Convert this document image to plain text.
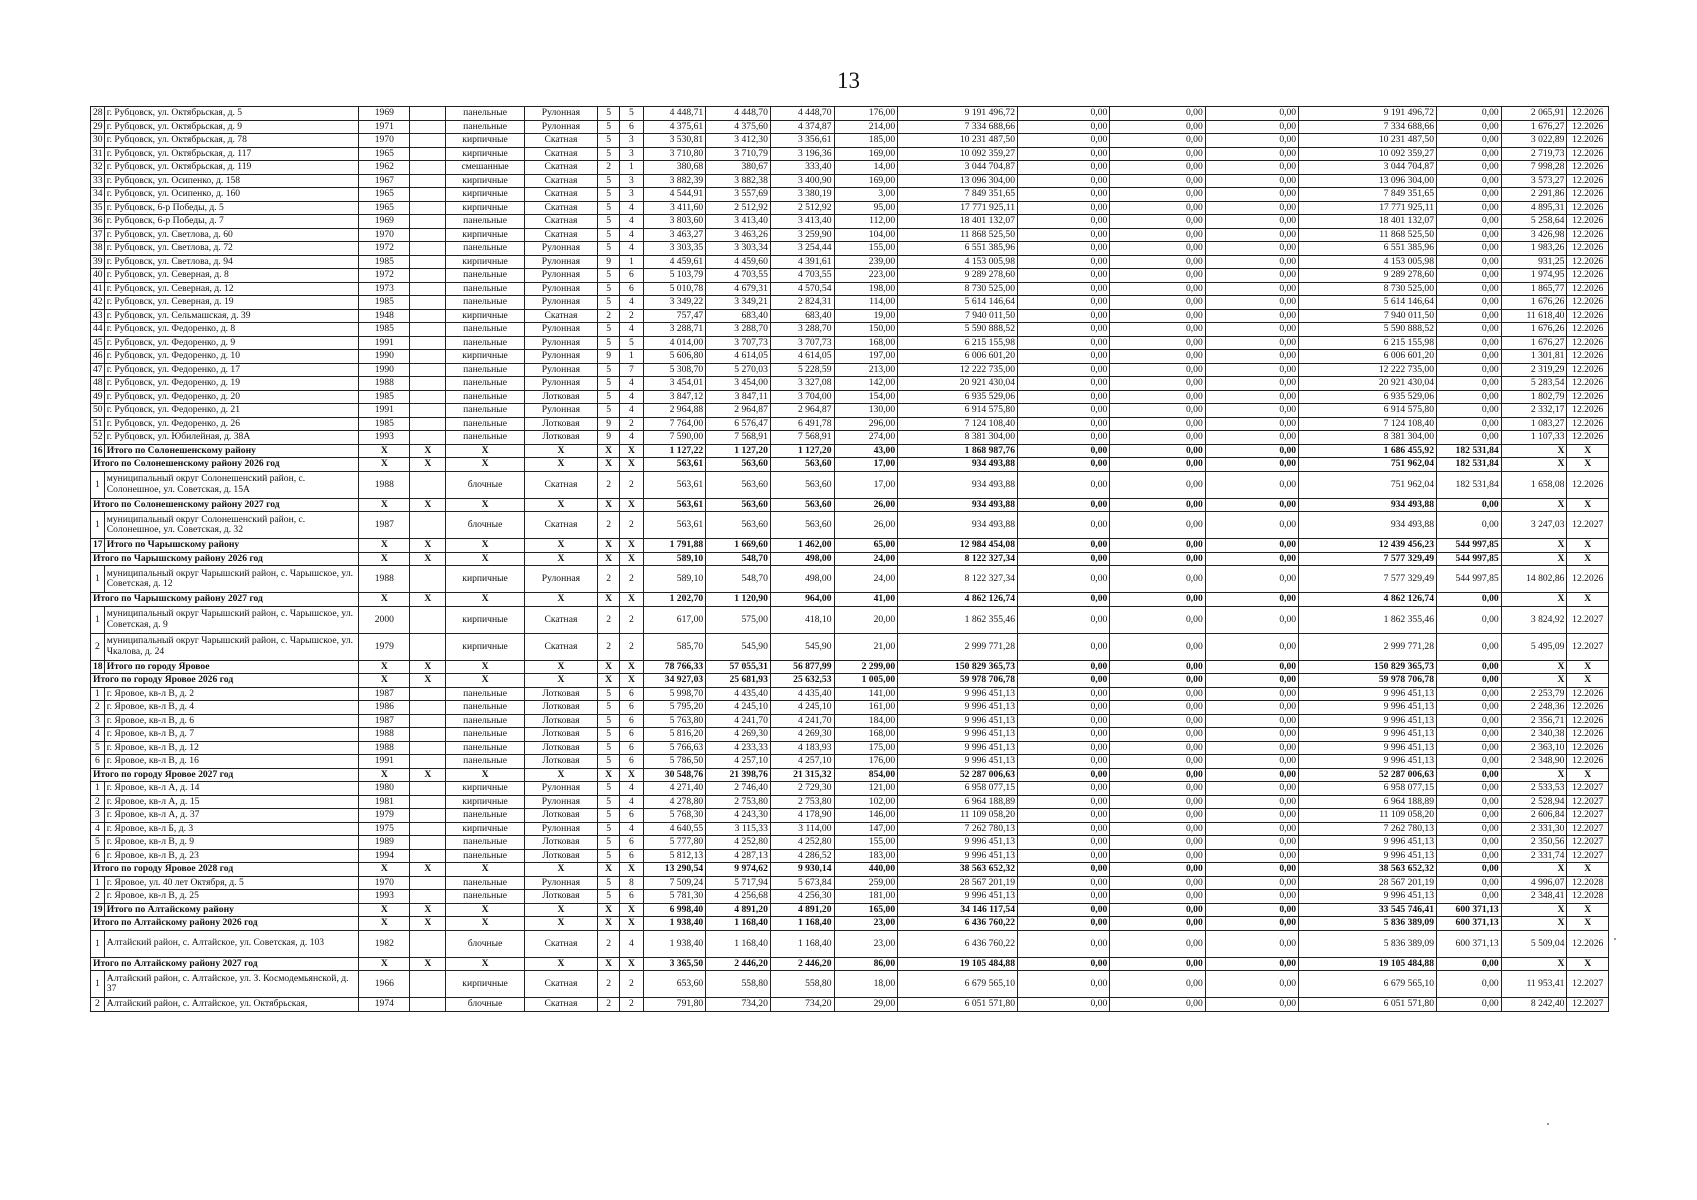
13
28	г. Рубцовск, ул. Октябрьская, д. 5	1969		панельные	Рулонная	5	5	4 448,71	4 448,70	4 448,70	176,00	9 191 496,72	0,00	0,00	0,00	9 191 496,72	0,00	2 065,91	12.2026
29	г. Рубцовск, ул. Октябрьская, д. 9	1971		панельные	Рулонная	5	6	4 375,61	4 375,60	4 374,87	214,00	7 334 688,66	0,00	0,00	0,00	7 334 688,66	0,00	1 676,27	12.2026
30	г. Рубцовск, ул. Октябрьская, д. 78	1970		кирпичные	Скатная	5	3	3 530,81	3 412,30	3 356,61	185,00	10 231 487,50	0,00	0,00	0,00	10 231 487,50	0,00	3 022,89	12.2026
31	г. Рубцовск, ул. Октябрьская, д. 117	1965		кирпичные	Скатная	5	3	3 710,80	3 710,79	3 196,36	169,00	10 092 359,27	0,00	0,00	0,00	10 092 359,27	0,00	2 719,73	12.2026
32	г. Рубцовск, ул. Октябрьская, д. 119	1962		смешанные	Скатная	2	1	380,68	380,67	333,40	14,00	3 044 704,87	0,00	0,00	0,00	3 044 704,87	0,00	7 998,28	12.2026
33	г. Рубцовск, ул. Осипенко, д. 158	1967		кирпичные	Скатная	5	3	3 882,39	3 882,38	3 400,90	169,00	13 096 304,00	0,00	0,00	0,00	13 096 304,00	0,00	3 573,27	12.2026
34	г. Рубцовск, ул. Осипенко, д. 160	1965		кирпичные	Скатная	5	3	4 544,91	3 557,69	3 380,19	3,00	7 849 351,65	0,00	0,00	0,00	7 849 351,65	0,00	2 291,86	12.2026
35	г. Рубцовск, 6-р Победы, д. 5	1965		кирпичные	Скатная	5	4	3 411,60	2 512,92	2 512,92	95,00	17 771 925,11	0,00	0,00	0,00	17 771 925,11	0,00	4 895,31	12.2026
36	г. Рубцовск, 6-р Победы, д. 7	1969		панельные	Скатная	5	4	3 803,60	3 413,40	3 413,40	112,00	18 401 132,07	0,00	0,00	0,00	18 401 132,07	0,00	5 258,64	12.2026
37	г. Рубцовск, ул. Светлова, д. 60	1970		кирпичные	Скатная	5	4	3 463,27	3 463,26	3 259,90	104,00	11 868 525,50	0,00	0,00	0,00	11 868 525,50	0,00	3 426,98	12.2026
38	г. Рубцовск, ул. Светлова, д. 72	1972		панельные	Рулонная	5	4	3 303,35	3 303,34	3 254,44	155,00	6 551 385,96	0,00	0,00	0,00	6 551 385,96	0,00	1 983,26	12.2026
39	г. Рубцовск, ул. Светлова, д. 94	1985		кирпичные	Рулонная	9	1	4 459,61	4 459,60	4 391,61	239,00	4 153 005,98	0,00	0,00	0,00	4 153 005,98	0,00	931,25	12.2026
40	г. Рубцовск, ул. Северная, д. 8	1972		панельные	Рулонная	5	6	5 103,79	4 703,55	4 703,55	223,00	9 289 278,60	0,00	0,00	0,00	9 289 278,60	0,00	1 974,95	12.2026
41	г. Рубцовск, ул. Северная, д. 12	1973		панельные	Рулонная	5	6	5 010,78	4 679,31	4 570,54	198,00	8 730 525,00	0,00	0,00	0,00	8 730 525,00	0,00	1 865,77	12.2026
42	г. Рубцовск, ул. Северная, д. 19	1985		панельные	Рулонная	5	4	3 349,22	3 349,21	2 824,31	114,00	5 614 146,64	0,00	0,00	0,00	5 614 146,64	0,00	1 676,26	12.2026
43	г. Рубцовск, ул. Сельмашская, д. 39	1948		кирпичные	Скатная	2	2	757,47	683,40	683,40	19,00	7 940 011,50	0,00	0,00	0,00	7 940 011,50	0,00	11 618,40	12.2026
44	г. Рубцовск, ул. Федоренко, д. 8	1985		панельные	Рулонная	5	4	3 288,71	3 288,70	3 288,70	150,00	5 590 888,52	0,00	0,00	0,00	5 590 888,52	0,00	1 676,26	12.2026
45	г. Рубцовск, ул. Федоренко, д. 9	1991		панельные	Рулонная	5	5	4 014,00	3 707,73	3 707,73	168,00	6 215 155,98	0,00	0,00	0,00	6 215 155,98	0,00	1 676,27	12.2026
46	г. Рубцовск, ул. Федоренко, д. 10	1990		кирпичные	Рулонная	9	1	5 606,80	4 614,05	4 614,05	197,00	6 006 601,20	0,00	0,00	0,00	6 006 601,20	0,00	1 301,81	12.2026
47	г. Рубцовск, ул. Федоренко, д. 17	1990		панельные	Рулонная	5	7	5 308,70	5 270,03	5 228,59	213,00	12 222 735,00	0,00	0,00	0,00	12 222 735,00	0,00	2 319,29	12.2026
48	г. Рубцовск, ул. Федоренко, д. 19	1988		панельные	Рулонная	5	4	3 454,01	3 454,00	3 327,08	142,00	20 921 430,04	0,00	0,00	0,00	20 921 430,04	0,00	5 283,54	12.2026
49	г. Рубцовск, ул. Федоренко, д. 20	1985		панельные	Лотковая	5	4	3 847,12	3 847,11	3 704,00	154,00	6 935 529,06	0,00	0,00	0,00	6 935 529,06	0,00	1 802,79	12.2026
50	г. Рубцовск, ул. Федоренко, д. 21	1991		панельные	Рулонная	5	4	2 964,88	2 964,87	2 964,87	130,00	6 914 575,80	0,00	0,00	0,00	6 914 575,80	0,00	2 332,17	12.2026
51	г. Рубцовск, ул. Федоренко, д. 26	1985		панельные	Лотковая	9	2	7 764,00	6 576,47	6 491,78	296,00	7 124 108,40	0,00	0,00	0,00	7 124 108,40	0,00	1 083,27	12.2026
52	г. Рубцовск, ул. Юбилейная, д. 38А	1993		панельные	Лотковая	9	4	7 590,00	7 568,91	7 568,91	274,00	8 381 304,00	0,00	0,00	0,00	8 381 304,00	0,00	1 107,33	12.2026
16	Итого по Солонешенскому району	X	X	X	X	X	X	1 127,22	1 127,20	1 127,20	43,00	1 868 987,76	0,00	0,00	0,00	1 686 455,92	182 531,84	X	X
Итого по Солонешенскому району 2026 год		X	X	X	X	X	X	563,61	563,60	563,60	17,00	934 493,88	0,00	0,00	0,00	751 962,04	182 531,84	X	X
1	муниципальный округ Солонешенский район, с. Солонешное, ул. Советская, д. 15А	1988		блочные	Скатная	2	2	563,61	563,60	563,60	17,00	934 493,88	0,00	0,00	0,00	751 962,04	182 531,84	1 658,08	12.2026
Итого по Солонешенскому району 2027 год		X	X	X	X	X	X	563,61	563,60	563,60	26,00	934 493,88	0,00	0,00	0,00	934 493,88	0,00	X	X
1	муниципальный округ Солонешенский район, с. Солонешное, ул. Советская, д. 32	1987		блочные	Скатная	2	2	563,61	563,60	563,60	26,00	934 493,88	0,00	0,00	0,00	934 493,88	0,00	3 247,03	12.2027
17	Итого по Чарышскому району	X	X	X	X	X	X	1 791,88	1 669,60	1 462,00	65,00	12 984 454,08	0,00	0,00	0,00	12 439 456,23	544 997,85	X	X
Итого по Чарышскому району 2026 год		X	X	X	X	X	X	589,10	548,70	498,00	24,00	8 122 327,34	0,00	0,00	0,00	7 577 329,49	544 997,85	X	X
1	муниципальный округ Чарышский район, с. Чарышское, ул. Советская, д. 12	1988		кирпичные	Рулонная	2	2	589,10	548,70	498,00	24,00	8 122 327,34	0,00	0,00	0,00	7 577 329,49	544 997,85	14 802,86	12.2026
Итого по Чарышскому району 2027 год		X	X	X	X	X	X	1 202,70	1 120,90	964,00	41,00	4 862 126,74	0,00	0,00	0,00	4 862 126,74	0,00	X	X
1	муниципальный округ Чарышский район, с. Чарышское, ул. Советская, д. 9	2000		кирпичные	Скатная	2	2	617,00	575,00	418,10	20,00	1 862 355,46	0,00	0,00	0,00	1 862 355,46	0,00	3 824,92	12.2027
2	муниципальный округ Чарышский район, с. Чарышское, ул. Чкалова, д. 24	1979		кирпичные	Скатная	2	2	585,70	545,90	545,90	21,00	2 999 771,28	0,00	0,00	0,00	2 999 771,28	0,00	5 495,09	12.2027
18	Итого по городу Яровое	X	X	X	X	X	X	78 766,33	57 055,31	56 877,99	2 299,00	150 829 365,73	0,00	0,00	0,00	150 829 365,73	0,00	X	X
Итого по городу Яровое 2026 год		X	X	X	X	X	X	34 927,03	25 681,93	25 632,53	1 005,00	59 978 706,78	0,00	0,00	0,00	59 978 706,78	0,00	X	X
1	г. Яровое, кв-л В, д. 2	1987		панельные	Лотковая	5	6	5 998,70	4 435,40	4 435,40	141,00	9 996 451,13	0,00	0,00	0,00	9 996 451,13	0,00	2 253,79	12.2026
2	г. Яровое, кв-л В, д. 4	1986		панельные	Лотковая	5	6	5 795,20	4 245,10	4 245,10	161,00	9 996 451,13	0,00	0,00	0,00	9 996 451,13	0,00	2 248,36	12.2026
3	г. Яровое, кв-л В, д. 6	1987		панельные	Лотковая	5	6	5 763,80	4 241,70	4 241,70	184,00	9 996 451,13	0,00	0,00	0,00	9 996 451,13	0,00	2 356,71	12.2026
4	г. Яровое, кв-л В, д. 7	1988		панельные	Лотковая	5	6	5 816,20	4 269,30	4 269,30	168,00	9 996 451,13	0,00	0,00	0,00	9 996 451,13	0,00	2 340,38	12.2026
5	г. Яровое, кв-л В, д. 12	1988		панельные	Лотковая	5	6	5 766,63	4 233,33	4 183,93	175,00	9 996 451,13	0,00	0,00	0,00	9 996 451,13	0,00	2 363,10	12.2026
6	г. Яровое, кв-л В, д. 16	1991		панельные	Лотковая	5	6	5 786,50	4 257,10	4 257,10	176,00	9 996 451,13	0,00	0,00	0,00	9 996 451,13	0,00	2 348,90	12.2026
Итого по городу Яровое 2027 год		X	X	X	X	X	X	30 548,76	21 398,76	21 315,32	854,00	52 287 006,63	0,00	0,00	0,00	52 287 006,63	0,00	X	X
1	г. Яровое, кв-л А, д. 14	1980		кирпичные	Рулонная	5	4	4 271,40	2 746,40	2 729,30	121,00	6 958 077,15	0,00	0,00	0,00	6 958 077,15	0,00	2 533,53	12.2027
2	г. Яровое, кв-л А, д. 15	1981		кирпичные	Рулонная	5	4	4 278,80	2 753,80	2 753,80	102,00	6 964 188,89	0,00	0,00	0,00	6 964 188,89	0,00	2 528,94	12.2027
3	г. Яровое, кв-л А, д. 37	1979		панельные	Лотковая	5	6	5 768,30	4 243,30	4 178,90	146,00	11 109 058,20	0,00	0,00	0,00	11 109 058,20	0,00	2 606,84	12.2027
4	г. Яровое, кв-л Б, д. 3	1975		кирпичные	Рулонная	5	4	4 640,55	3 115,33	3 114,00	147,00	7 262 780,13	0,00	0,00	0,00	7 262 780,13	0,00	2 331,30	12.2027
5	г. Яровое, кв-л В, д. 9	1989		панельные	Лотковая	5	6	5 777,80	4 252,80	4 252,80	155,00	9 996 451,13	0,00	0,00	0,00	9 996 451,13	0,00	2 350,56	12.2027
6	г. Яровое, кв-л В, д. 23	1994		панельные	Лотковая	5	6	5 812,13	4 287,13	4 286,52	183,00	9 996 451,13	0,00	0,00	0,00	9 996 451,13	0,00	2 331,74	12.2027
Итого по городу Яровое 2028 год		X	X	X	X	X	X	13 290,54	9 974,62	9 930,14	440,00	38 563 652,32	0,00	0,00	0,00	38 563 652,32	0,00	X	X
1	г. Яровое, ул. 40 лет Октября, д. 5	1970		панельные	Рулонная	5	8	7 509,24	5 717,94	5 673,84	259,00	28 567 201,19	0,00	0,00	0,00	28 567 201,19	0,00	4 996,07	12.2028
2	г. Яровое, кв-л В, д. 25	1993		панельные	Лотковая	5	6	5 781,30	4 256,68	4 256,30	181,00	9 996 451,13	0,00	0,00	0,00	9 996 451,13	0,00	2 348,41	12.2028
19	Итого по Алтайскому району	X	X	X	X	X	X	6 998,40	4 891,20	4 891,20	165,00	34 146 117,54	0,00	0,00	0,00	33 545 746,41	600 371,13	X	X
Итого по Алтайскому району 2026 год		X	X	X	X	X	X	1 938,40	1 168,40	1 168,40	23,00	6 436 760,22	0,00	0,00	0,00	5 836 389,09	600 371,13	X	X
1	Алтайский район, с. Алтайское, ул. Советская, д. 103	1982		блочные	Скатная	2	4	1 938,40	1 168,40	1 168,40	23,00	6 436 760,22	0,00	0,00	0,00	5 836 389,09	600 371,13	5 509,04	12.2026
Итого по Алтайскому району 2027 год		X	X	X	X	X	X	3 365,50	2 446,20	2 446,20	86,00	19 105 484,88	0,00	0,00	0,00	19 105 484,88	0,00	X	X
1	Алтайский район, с. Алтайское, ул. З. Космодемьянской, д. 37	1966		кирпичные	Скатная	2	2	653,60	558,80	558,80	18,00	6 679 565,10	0,00	0,00	0,00	6 679 565,10	0,00	11 953,41	12.2027
2	Алтайский район, с. Алтайское, ул. Октябрьская,	1974		блочные	Скатная	2	2	791,80	734,20	734,20	29,00	6 051 571,80	0,00	0,00	0,00	6 051 571,80	0,00	8 242,40	12.2027
